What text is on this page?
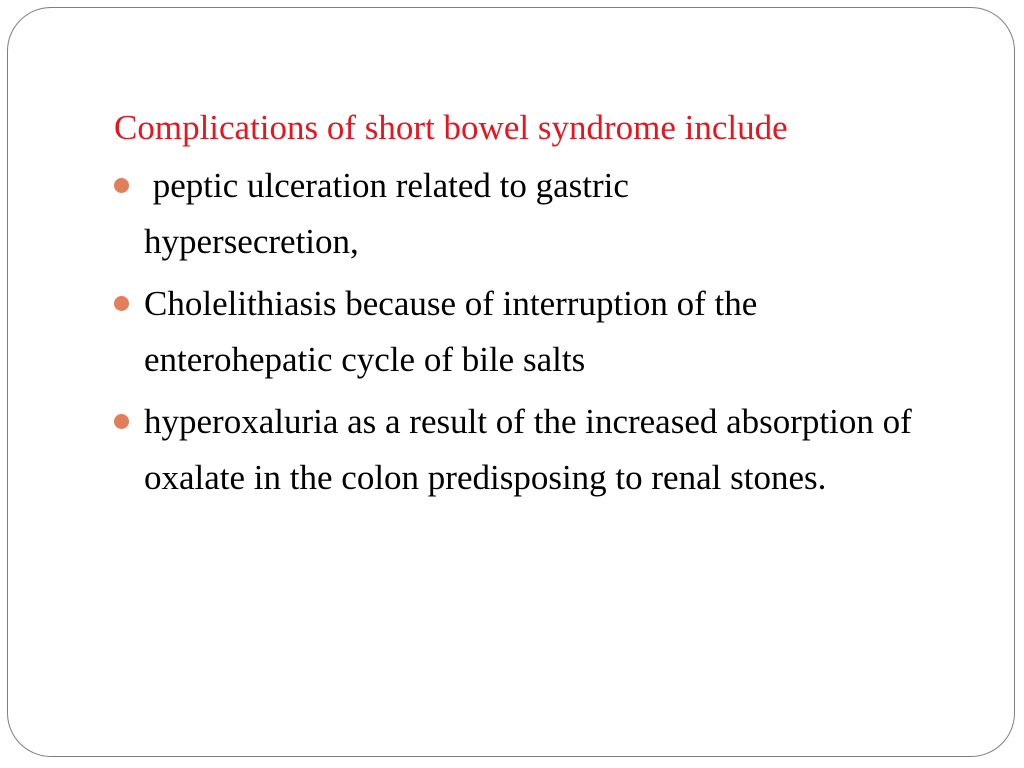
Complications of short bowel syndrome include

peptic ulceration related to gastric hypersecretion,
Cholelithiasis because of interruption of the enterohepatic cycle of bile salts
hyperoxaluria as a result of the increased absorption of oxalate in the colon predisposing to renal stones.
